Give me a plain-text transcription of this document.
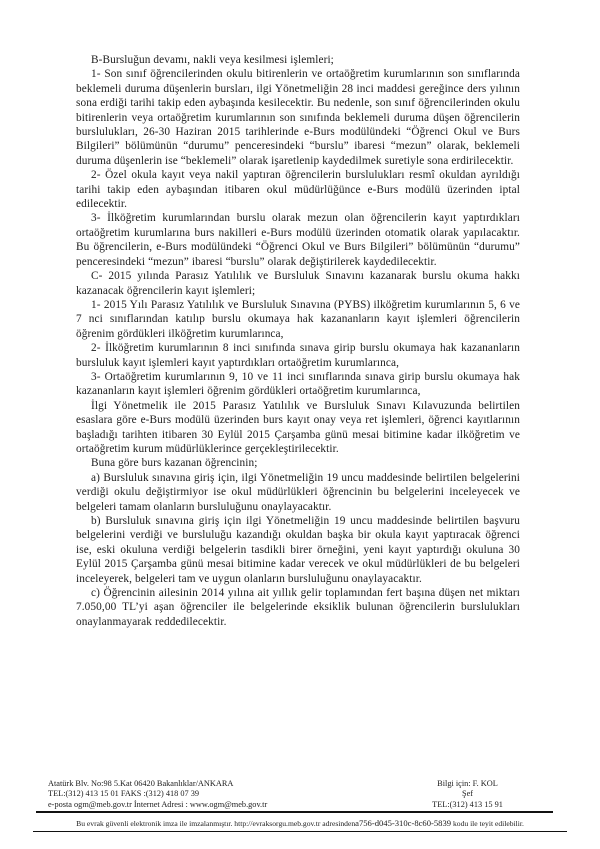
B-Bursluğun devamı, nakli veya kesilmesi işlemleri;

1- Son sınıf öğrencilerinden okulu bitirenlerin ve ortaöğretim kurumlarının son sınıflarında beklemeli duruma düşenlerin bursları, ilgi Yönetmeliğin 28 inci maddesi gereğince ders yılının sona erdiği tarihi takip eden aybaşında kesilecektir. Bu nedenle, son sınıf öğrencilerinden okulu bitirenlerin veya ortaöğretim kurumlarının son sınıfında beklemeli duruma düşen öğrencilerin burslulukları, 26-30 Haziran 2015 tarihlerinde e-Burs modülündeki “Öğrenci Okul ve Burs Bilgileri” bölümünün “durumu” penceresindeki “burslu” ibaresi “mezun” olarak, beklemeli duruma düşenlerin ise “beklemeli” olarak işaretlenip kaydedilmek suretiyle sona erdirilecektir.

2- Özel okula kayıt veya nakil yaptıran öğrencilerin burslulukları resmî okuldan ayrıldığı tarihi takip eden aybaşından itibaren okul müdürlüğünce e-Burs modülü üzerinden iptal edilecektir.

3- İlköğretim kurumlarından burslu olarak mezun olan öğrencilerin kayıt yaptırdıkları ortaöğretim kurumlarına burs nakilleri e-Burs modülü üzerinden otomatik olarak yapılacaktır. Bu öğrencilerin, e-Burs modülündeki “Öğrenci Okul ve Burs Bilgileri” bölümünün “durumu” penceresindeki “mezun” ibaresi “burslu” olarak değiştirilerek kaydedilecektir.

C- 2015 yılında Parasız Yatılılık ve Bursluluk Sınavını kazanarak burslu okuma hakkı kazanacak öğrencilerin kayıt işlemleri;

1- 2015 Yılı Parasız Yatılılık ve Bursluluk Sınavına (PYBS) ilköğretim kurumlarının 5, 6 ve 7 nci sınıflarından katılıp burslu okumaya hak kazananların kayıt işlemleri öğrencilerin öğrenim gördükleri ilköğretim kurumlarınca,

2- İlköğretim kurumlarının 8 inci sınıfında sınava girip burslu okumaya hak kazananların bursluluk kayıt işlemleri kayıt yaptırdıkları ortaöğretim kurumlarınca,

3- Ortaöğretim kurumlarının 9, 10 ve 11 inci sınıflarında sınava girip burslu okumaya hak kazananların kayıt işlemleri öğrenim gördükleri ortaöğretim kurumlarınca,

İlgi Yönetmelik ile 2015 Parasız Yatılılık ve Bursluluk Sınavı Kılavuzunda belirtilen esaslara göre e-Burs modülü üzerinden burs kayıt onay veya ret işlemleri, öğrenci kayıtlarının başladığı tarihten itibaren 30 Eylül 2015 Çarşamba günü mesai bitimine kadar ilköğretim ve ortaöğretim kurum müdürlüklerince gerçekleştirilecektir.

Buna göre burs kazanan öğrencinin;

a) Bursluluk sınavına giriş için, ilgi Yönetmeliğin 19 uncu maddesinde belirtilen belgelerini verdiği okulu değiştirmiyor ise okul müdürlükleri öğrencinin bu belgelerini inceleyecek ve belgeleri tamam olanların bursluluğunu onaylayacaktır.

b) Bursluluk sınavına giriş için ilgi Yönetmeliğin 19 uncu maddesinde belirtilen başvuru belgelerini verdiği ve bursluluğu kazandığı okuldan başka bir okula kayıt yaptıracak öğrenci ise, eski okuluna verdiği belgelerin tasdikli birer örneğini, yeni kayıt yaptırdığı okuluna 30 Eylül 2015 Çarşamba günü mesai bitimine kadar verecek ve okul müdürlükleri de bu belgeleri inceleyerek, belgeleri tam ve uygun olanların bursluluğunu onaylayacaktır.

c) Öğrencinin ailesinin 2014 yılına ait yıllık gelir toplamından fert başına düşen net miktarı 7.050,00 TL’yi aşan öğrenciler ile belgelerinde eksiklik bulunan öğrencilerin burslulukları onaylanmayarak reddedilecektir.

Atatürk Blv. No:98 5.Kat 06420 Bakanlıklar/ANKARA
TEL:(312) 413 15 01 FAKS :(312) 418 07 39
e-posta ogm@meb.gov.tr İnternet Adresi : www.ogm@meb.gov.tr
Bilgi için: F. KOL
Şef
TEL:(312) 413 15 91
Bu evrak güvenli elektronik imza ile imzalanmıştır. http://evraksorgu.meb.gov.tr adresindena756-d045-310c-8c60-5839 kodu ile teyit edilebilir.
